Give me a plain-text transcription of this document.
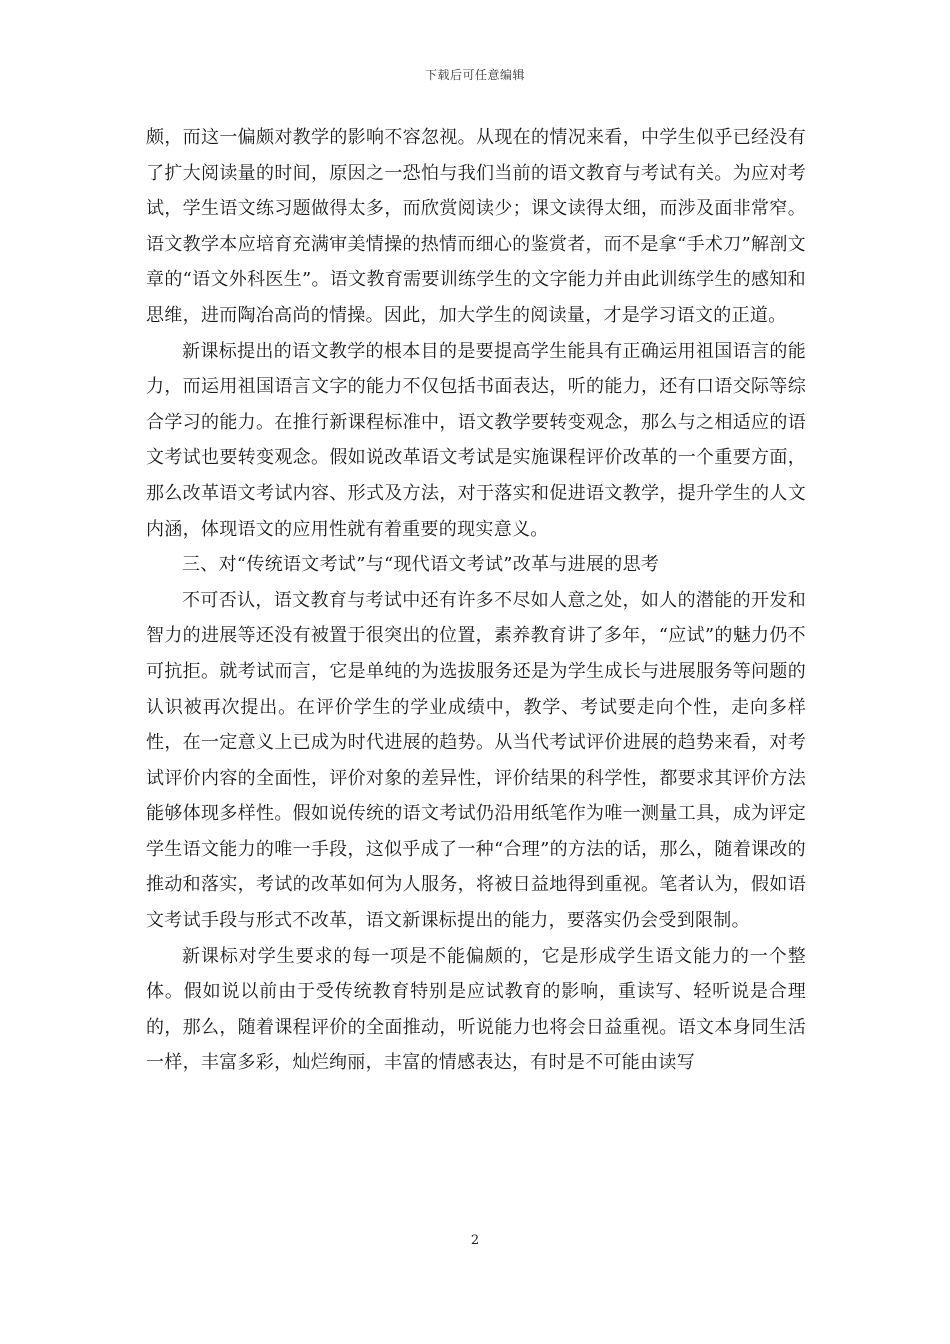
下载后可任意编辑

颇，而这一偏颇对教学的影响不容忽视。从现在的情况来看，中学生似乎已经没有了扩大阅读量的时间，原因之一恐怕与我们当前的语文教育与考试有关。为应对考试，学生语文练习题做得太多，而欣赏阅读少；课文读得太细，而涉及面非常窄。语文教学本应培育充满审美情操的热情而细心的鉴赏者，而不是拿“手术刀”解剖文章的“语文外科医生”。语文教育需要训练学生的文字能力并由此训练学生的感知和思维，进而陶冶高尚的情操。因此，加大学生的阅读量，才是学习语文的正道。

新课标提出的语文教学的根本目的是要提高学生能具有正确运用祖国语言的能力，而运用祖国语言文字的能力不仅包括书面表达，听的能力，还有口语交际等综合学习的能力。在推行新课程标准中，语文教学要转变观念，那么与之相适应的语文考试也要转变观念。假如说改革语文考试是实施课程评价改革的一个重要方面，那么改革语文考试内容、形式及方法，对于落实和促进语文教学，提升学生的人文内涵，体现语文的应用性就有着重要的现实意义。

三、对“传统语文考试”与“现代语文考试”改革与进展的思考

不可否认，语文教育与考试中还有许多不尽如人意之处，如人的潜能的开发和智力的进展等还没有被置于很突出的位置，素养教育讲了多年，“应试”的魅力仍不可抗拒。就考试而言，它是单纯的为选拔服务还是为学生成长与进展服务等问题的认识被再次提出。在评价学生的学业成绩中，教学、考试要走向个性，走向多样性，在一定意义上已成为时代进展的趋势。从当代考试评价进展的趋势来看，对考试评价内容的全面性，评价对象的差异性，评价结果的科学性，都要求其评价方法能够体现多样性。假如说传统的语文考试仍沿用纸笔作为唯一测量工具，成为评定学生语文能力的唯一手段，这似乎成了一种“合理”的方法的话，那么，随着课改的推动和落实，考试的改革如何为人服务，将被日益地得到重视。笔者认为，假如语文考试手段与形式不改革，语文新课标提出的能力，要落实仍会受到限制。

新课标对学生要求的每一项是不能偏颇的，它是形成学生语文能力的一个整体。假如说以前由于受传统教育特别是应试教育的影响，重读写、轻听说是合理的，那么，随着课程评价的全面推动，听说能力也将会日益重视。语文本身同生活一样，丰富多彩，灿烂绚丽，丰富的情感表达，有时是不可能由读写

2
